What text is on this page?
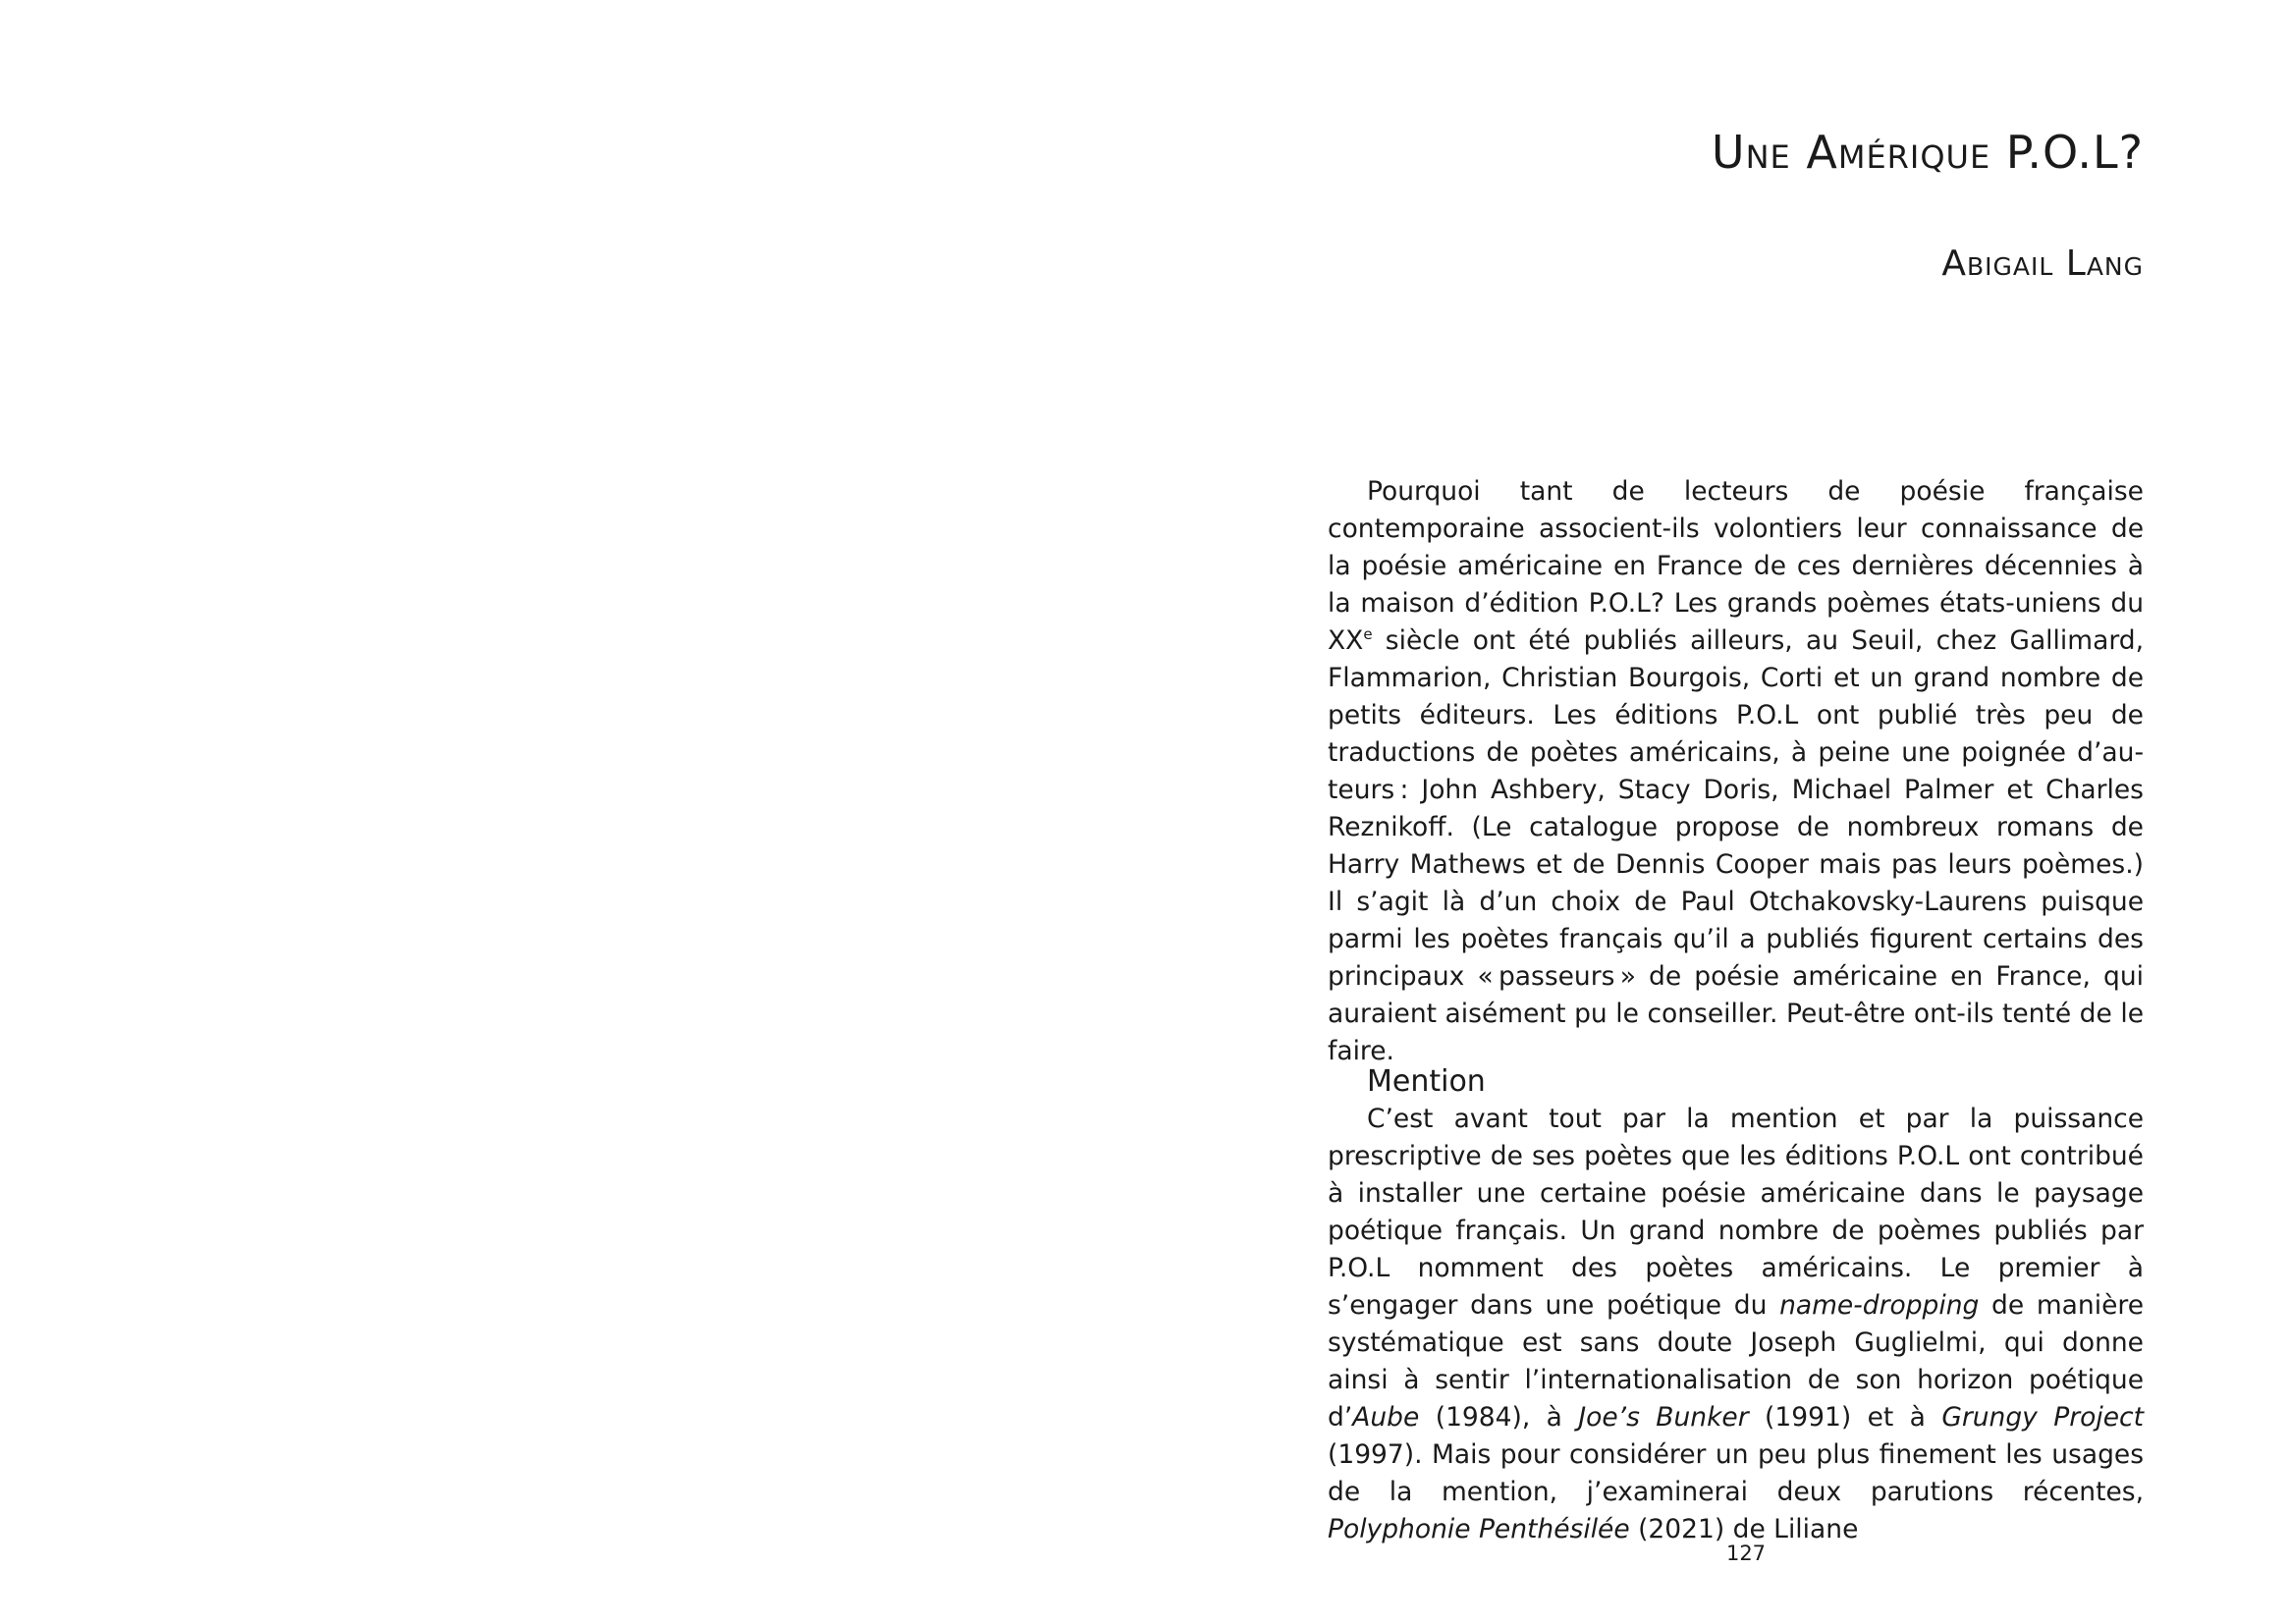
Une Amérique P.O.L?
Abigail Lang

Pourquoi tant de lecteurs de poésie française contemporaine associent-ils volontiers leur connaissance de la poésie américaine en France de ces dernières décennies à la maison d’édition P.O.L? Les grands poèmes états-uniens du XXe siècle ont été publiés ailleurs, au Seuil, chez Gallimard, Flammarion, Christian Bourgois, Corti et un grand nombre de petits éditeurs. Les éditions P.O.L ont publié très peu de traductions de poètes américains, à peine une poignée d’auteurs : John Ashbery, Stacy Doris, Michael Palmer et Charles Reznikoff. (Le catalogue propose de nombreux romans de Harry Mathews et de Dennis Cooper mais pas leurs poèmes.) Il s’agit là d’un choix de Paul Otchakovsky-Laurens puisque parmi les poètes français qu’il a publiés figurent certains des principaux « passeurs » de poésie américaine en France, qui auraient aisément pu le conseiller. Peut-être ont-ils tenté de le faire.

Mention

C’est avant tout par la mention et par la puissance prescriptive de ses poètes que les éditions P.O.L ont contribué à installer une certaine poésie américaine dans le paysage poétique français. Un grand nombre de poèmes publiés par P.O.L nomment des poètes américains. Le premier à s’engager dans une poétique du name-dropping de manière systématique est sans doute Joseph Guglielmi, qui donne ainsi à sentir l’internationalisation de son horizon poétique d’Aube (1984), à Joe’s Bunker (1991) et à Grungy Project (1997). Mais pour considérer un peu plus finement les usages de la mention, j’examinerai deux parutions récentes, Polyphonie Penthésilée (2021) de Liliane

127
